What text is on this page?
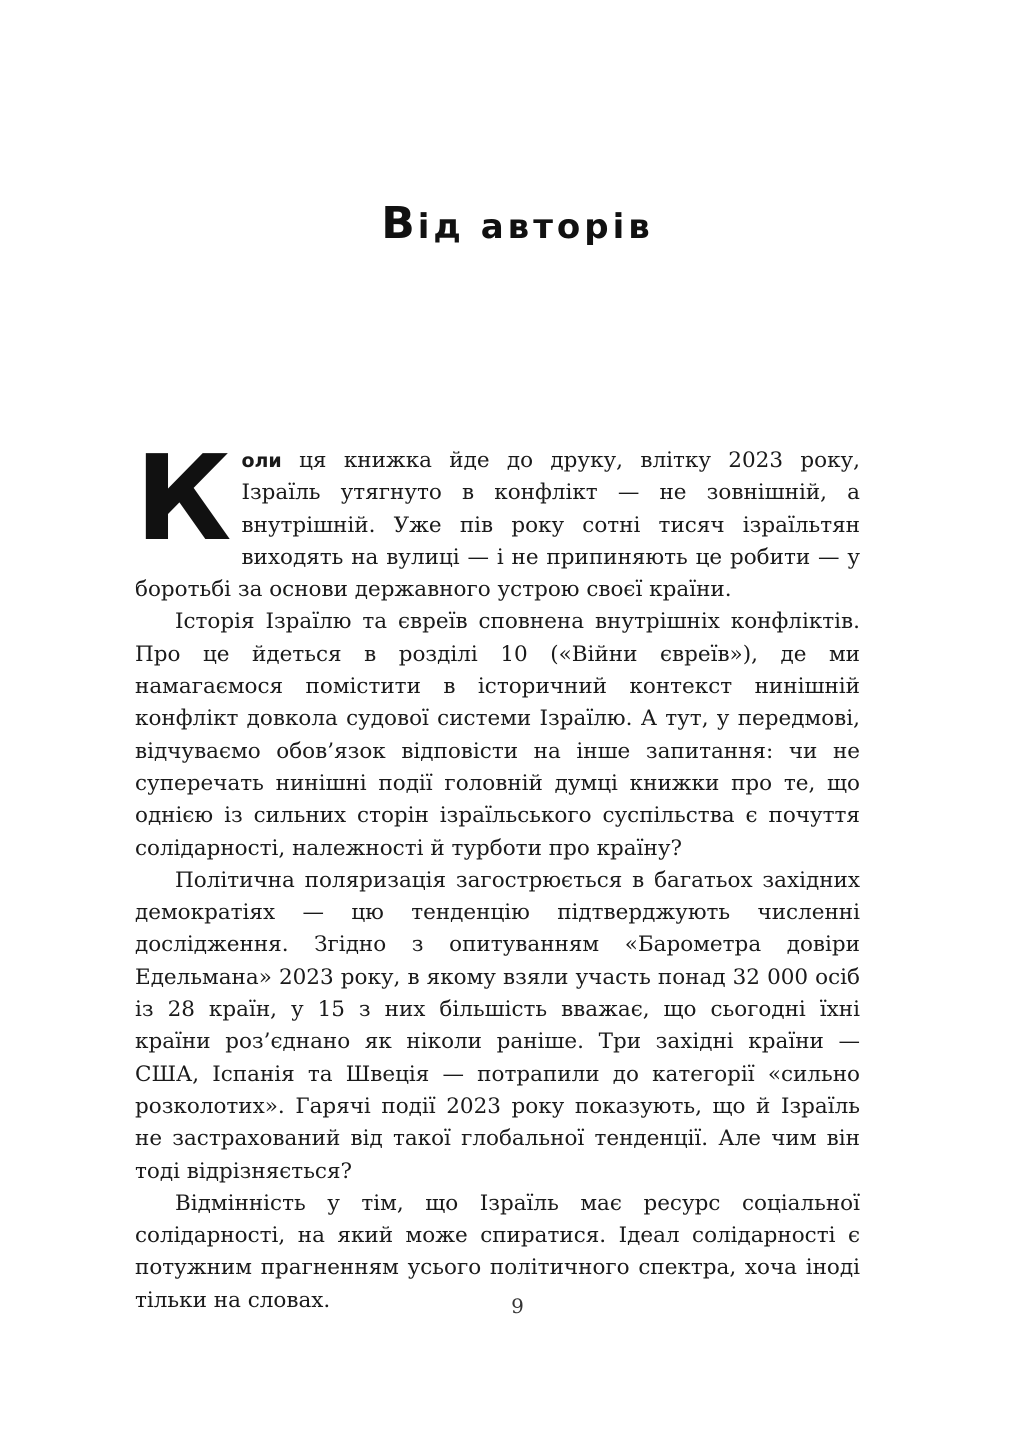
Від авторів

Коли ця книжка йде до друку, влітку 2023 року, Ізраїль утягнуто в конфлікт — не зовнішній, а внутрішній. Уже пів року сотні тисяч ізраїльтян виходять на вулиці — і не припиняють це робити — у боротьбі за основи державного устрою своєї країни.

Історія Ізраїлю та євреїв сповнена внутрішніх конфліктів. Про це йдеться в розділі 10 («Війни євреїв»), де ми намагаємося помістити в історичний контекст нинішній конфлікт довкола судової системи Ізраїлю. А тут, у передмові, відчуваємо обов’язок відповісти на інше запитання: чи не суперечать нинішні події головній думці книжки про те, що однією із сильних сторін ізраїльського суспільства є почуття солідарності, належності й турботи про країну?

Політична поляризація загострюється в багатьох західних демократіях — цю тенденцію підтверджують численні дослідження. Згідно з опитуванням «Барометра довіри Едельмана» 2023 року, в якому взяли участь понад 32 000 осіб із 28 країн, у 15 з них більшість вважає, що сьогодні їхні країни роз’єднано як ніколи раніше. Три західні країни — США, Іспанія та Швеція — потрапили до категорії «сильно розколотих». Гарячі події 2023 року показують, що й Ізраїль не застрахований від такої глобальної тенденції. Але чим він тоді відрізняється?

Відмінність у тім, що Ізраїль має ресурс соціальної солідарності, на який може спиратися. Ідеал солідарності є потужним прагненням усього політичного спектра, хоча іноді тільки на словах.	9
